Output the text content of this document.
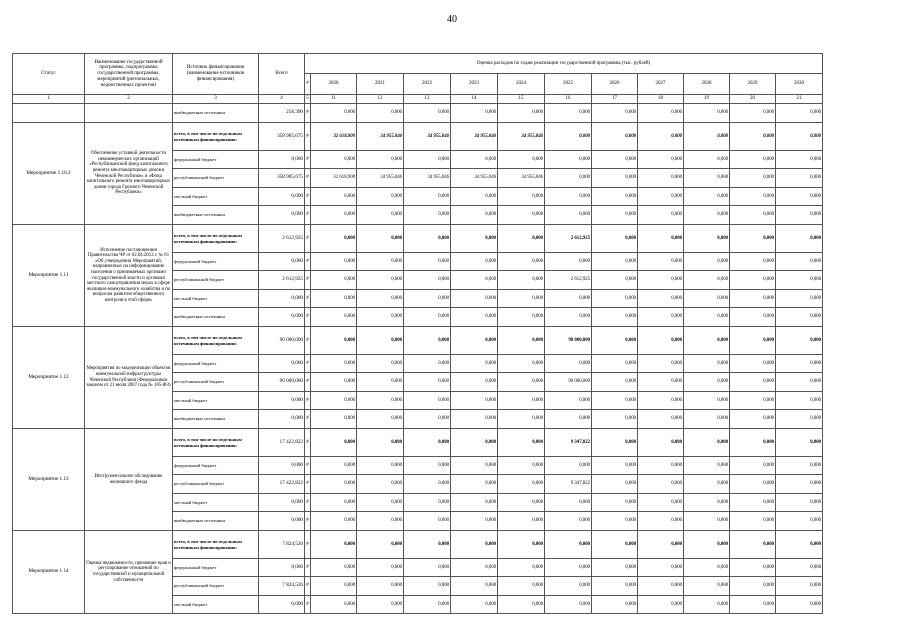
40
Статус	Наименование государственной программы, подпрограммы государственной программы, мероприятий (региональных, ведомственных проектов)	Источник финансирования (наименование источников финансирования)	Всего	Оценка расходов по годам реализации государственной программы (тыс. рублей)											
				#	2020	2021	2022	2023	2024	2025	2026	2027	2028	2029	2030
1	2	3	4	5	11	12	13	14	15	16	17	18	19	20	21
		внебюджетные источники	258,390	#	0,000	0,000	0,000	0,000	0,000	0,000	0,000	0,000	0,000	0,000	0,000
Мероприятие 1.10.2	Обеспечение уставной деятельности некоммерческих организаций «Республиканский фонд капитального ремонта многоквартирных домов в Чеченской Республике» и «Фонд капитального ремонта многоквартирных домов города Грозного Чеченской Республики»	всего, в том числе по отдельным источникам финансирования:	358 905,675	#	32 618,900	34 955,046	34 955,046	34 955,046	34 955,046	0,000	0,000	0,000	0,000	0,000	0,000
		федеральный бюджет	0,000	#	0,000	0,000	0,000	0,000	0,000	0,000	0,000	0,000	0,000	0,000	0,000
		республиканский бюджет	358 905,675	#	32 618,900	34 955,046	34 955,046	34 955,046	34 955,046	0,000	0,000	0,000	0,000	0,000	0,000
		местный бюджет	0,000	#	0,000	0,000	0,000	0,000	0,000	0,000	0,000	0,000	0,000	0,000	0,000
		внебюджетные источники	0,000	#	0,000	0,000	0,000	0,000	0,000	0,000	0,000	0,000	0,000	0,000	0,000
Мероприятие 1.11	Исполнение постановления Правительства ЧР от 02.04.2013 г. № 81 «Об утверждении Мероприятий, направленных на информирование населения о принимаемых органами государственной власти и органами местного самоуправления мерах в сфере жилищно-коммунального хозяйства и по вопросам развития общественного контроля в этой сфере»	всего, в том числе по отдельным источникам финансирования:	2 612,925	#	0,000	0,000	0,000	0,000	0,000	2 612,925	0,000	0,000	0,000	0,000	0,000
		федеральный бюджет	0,000	#	0,000	0,000	0,000	0,000	0,000	0,000	0,000	0,000	0,000	0,000	0,000
		республиканский бюджет	2 612,925	#	0,000	0,000	0,000	0,000	0,000	2 612,925	0,000	0,000	0,000	0,000	0,000
		местный бюджет	0,000	#	0,000	0,000	0,000	0,000	0,000	0,000	0,000	0,000	0,000	0,000	0,000
		внебюджетные источники	0,000	#	0,000	0,000	0,000	0,000	0,000	0,000	0,000	0,000	0,000	0,000	0,000
Мероприятие 1.12	Мероприятия по модернизации объектов коммунальной инфраструктуры Чеченской Республики (Федеральным законом от 21 июля 2007 года № 185-ФЗ)	всего, в том числе по отдельным источникам финансирования:	90 000,000	#	0,000	0,000	0,000	0,000	0,000	90 000,000	0,000	0,000	0,000	0,000	0,000
		федеральный бюджет	0,000	#	0,000	0,000	0,000	0,000	0,000	0,000	0,000	0,000	0,000	0,000	0,000
		республиканский бюджет	90 000,000	#	0,000	0,000	0,000	0,000	0,000	90 000,000	0,000	0,000	0,000	0,000	0,000
		местный бюджет	0,000	#	0,000	0,000	0,000	0,000	0,000	0,000	0,000	0,000	0,000	0,000	0,000
		внебюджетные источники	0,000	#	0,000	0,000	0,000	0,000	0,000	0,000	0,000	0,000	0,000	0,000	0,000
Мероприятие 1.13	Инструментальное обследование жилищного фонда	всего, в том числе по отдельным источникам финансирования:	17 422,822	#	0,000	0,000	0,000	0,000	0,000	9 347,822	0,000	0,000	0,000	0,000	0,000
		федеральный бюджет	0,000	#	0,000	0,000	0,000	0,000	0,000	0,000	0,000	0,000	0,000	0,000	0,000
		республиканский бюджет	17 422,822	#	0,000	0,000	0,000	0,000	0,000	9 347,822	0,000	0,000	0,000	0,000	0,000
		местный бюджет	0,000	#	0,000	0,000	0,000	0,000	0,000	0,000	0,000	0,000	0,000	0,000	0,000
		внебюджетные источники	0,000	#	0,000	0,000	0,000	0,000	0,000	0,000	0,000	0,000	0,000	0,000	0,000
Мероприятие 1.14	Оценка недвижимости, признание прав и регулирование отношений по государственной и муниципальной собственности	всего, в том числе по отдельным источникам финансирования:	7 824,526	#	0,000	0,000	0,000	0,000	0,000	0,000	0,000	0,000	0,000	0,000	0,000
		федеральный бюджет	0,000	#	0,000	0,000	0,000	0,000	0,000	0,000	0,000	0,000	0,000	0,000	0,000
		республиканский бюджет	7 824,526	#	0,000	0,000	0,000	0,000	0,000	0,000	0,000	0,000	0,000	0,000	0,000
		местный бюджет	0,000	#	0,000	0,000	0,000	0,000	0,000	0,000	0,000	0,000	0,000	0,000	0,000
